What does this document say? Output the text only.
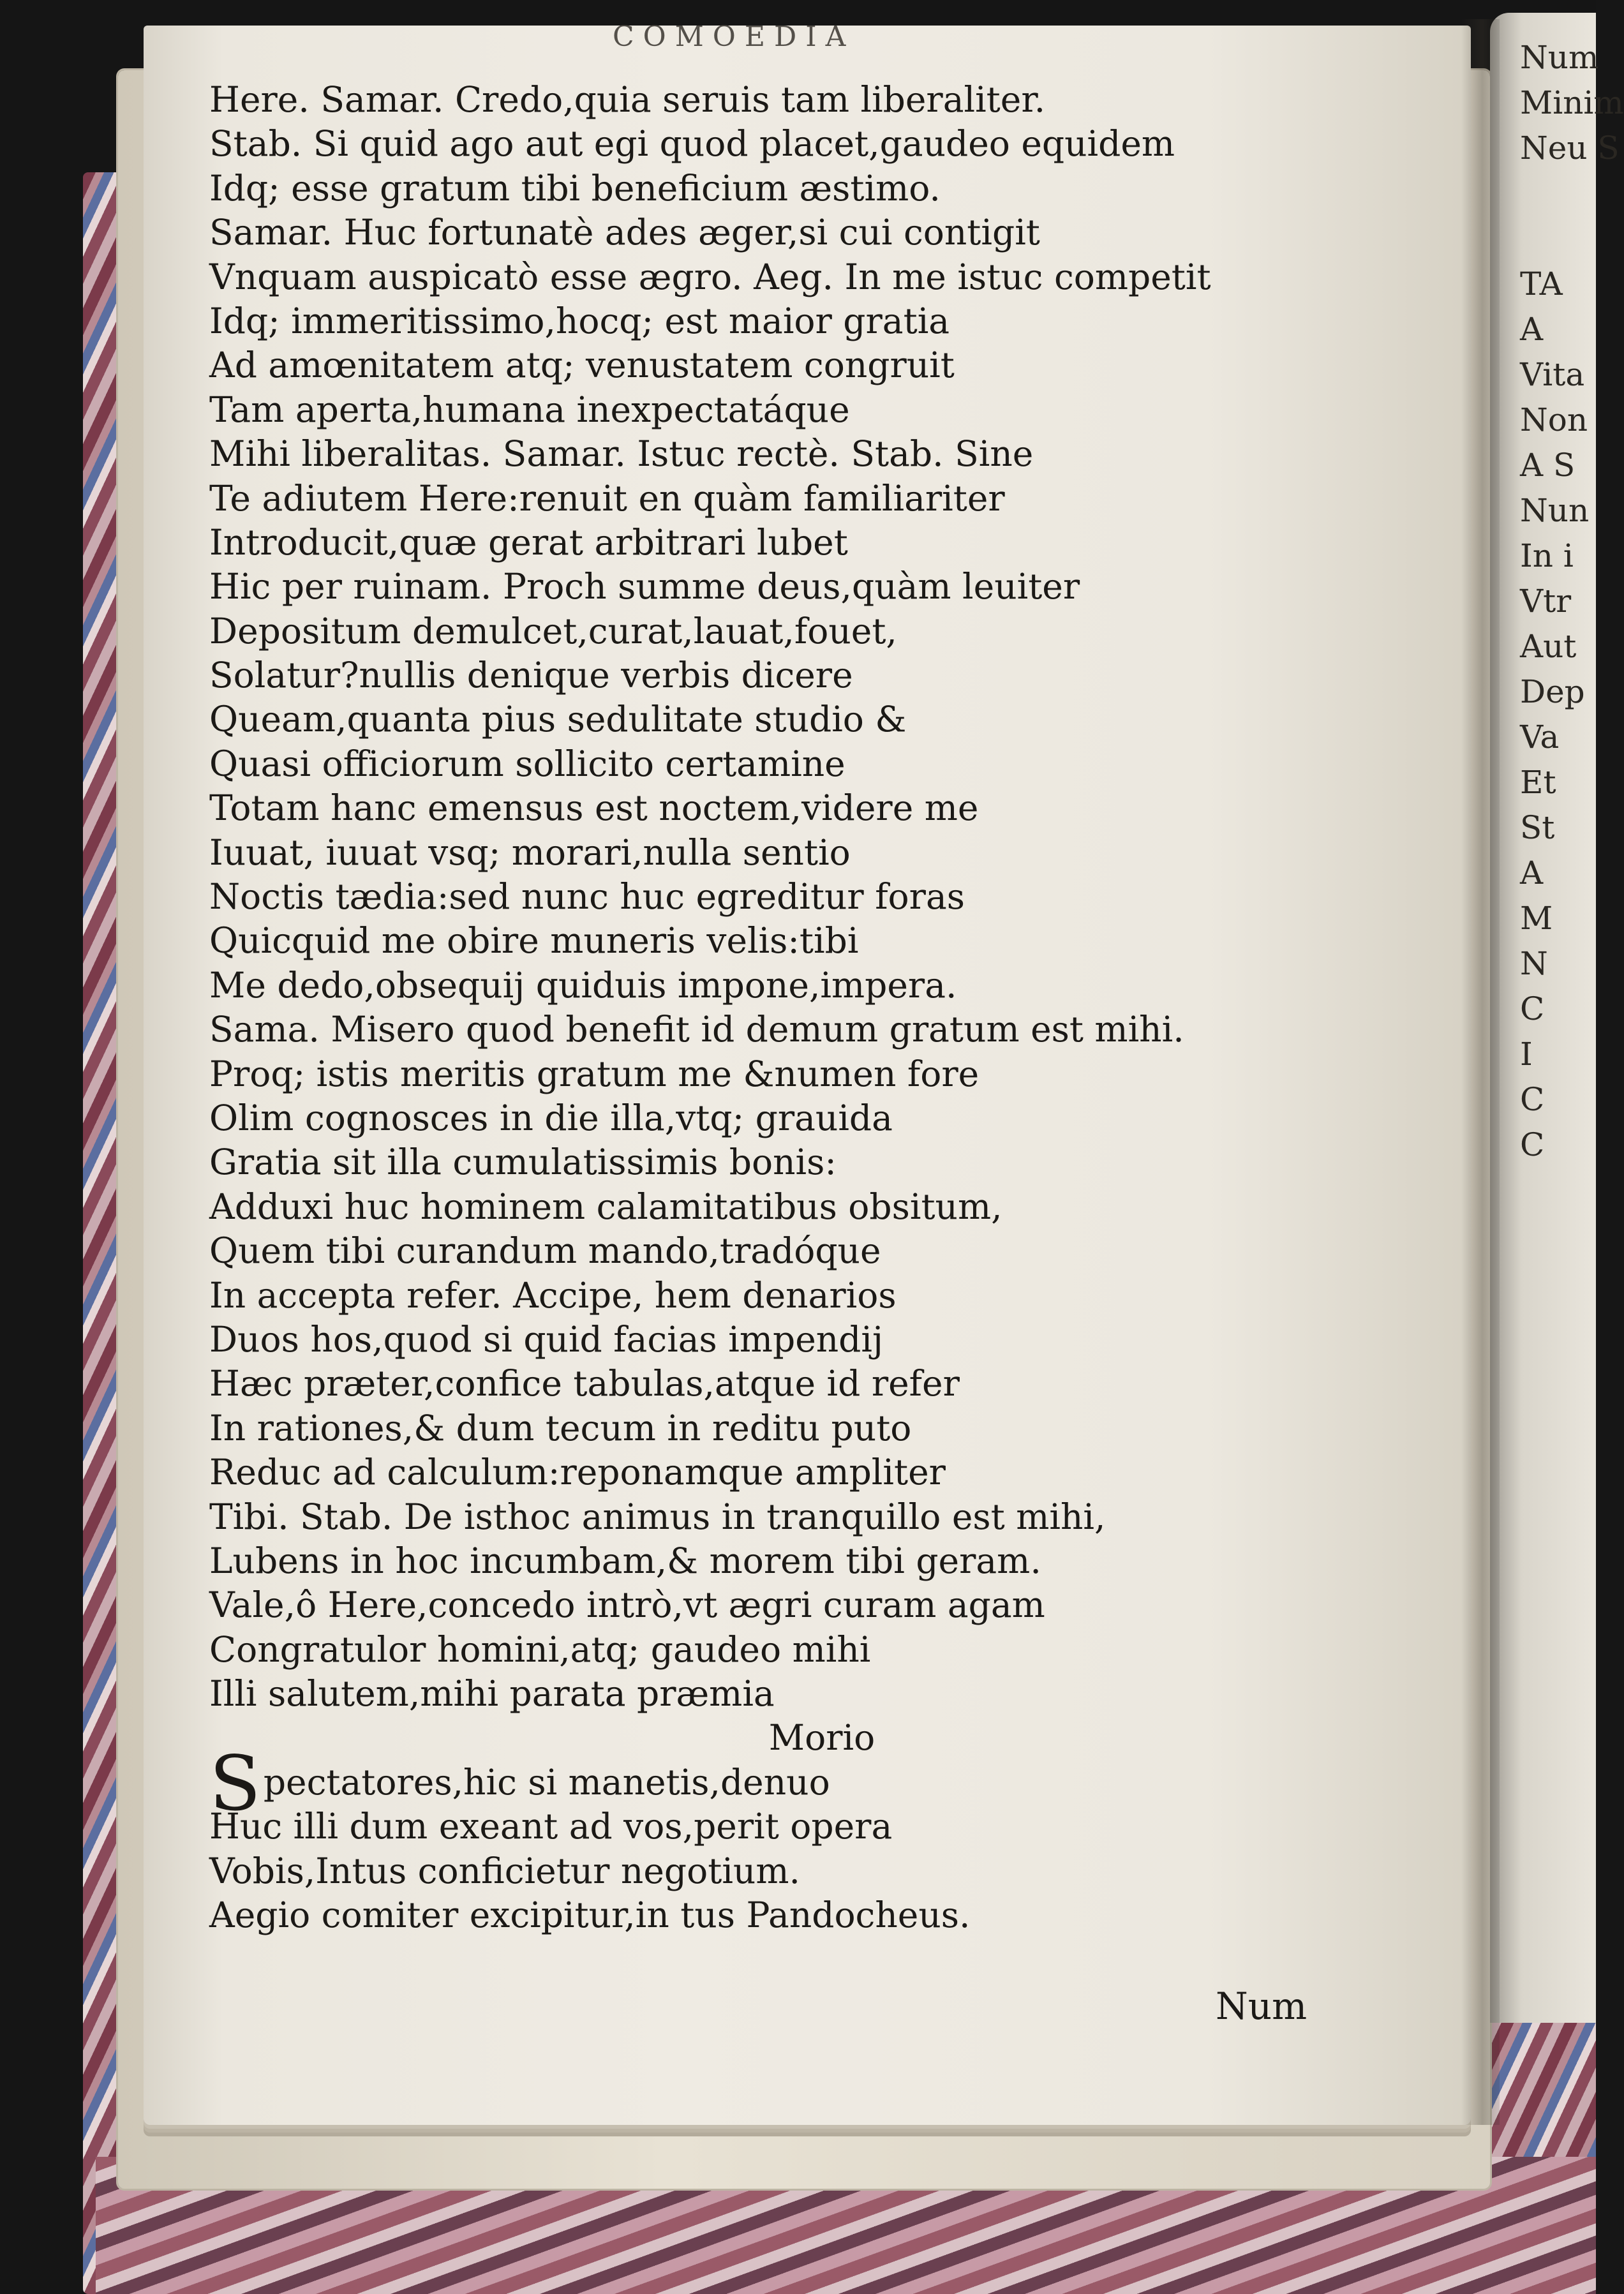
COMOEDIA
Here. Samar. Credo,quia seruis tam liberaliter.
Stab. Si quid ago aut egi quod placet,gaudeo equidem
Idq; esse gratum tibi beneficium æstimo.
Samar. Huc fortunatè ades æger,si cui contigit
Vnquam auspicatò esse ægro. Aeg. In me istuc competit
Idq; immeritissimo,hocq; est maior gratia
Ad amœnitatem atq; venustatem congruit
Tam aperta,humana inexpectatáque
Mihi liberalitas. Samar. Istuc rectè. Stab. Sine
Te adiutem Here:renuit en quàm familiariter
Introducit,quæ gerat arbitrari lubet
Hic per ruinam. Proch summe deus,quàm leuiter
Depositum demulcet,curat,lauat,fouet,
Solatur?nullis denique verbis dicere
Queam,quanta pius sedulitate studio &
Quasi officiorum sollicito certamine
Totam hanc emensus est noctem,videre me
Iuuat, iuuat vsq; morari,nulla sentio
Noctis tædia:sed nunc huc egreditur foras
Quicquid me obire muneris velis:tibi
Me dedo,obsequij quiduis impone,impera.
Sama. Misero quod benefit id demum gratum est mihi.
Proq; istis meritis gratum me &numen fore
Olim cognosces in die illa,vtq; grauida
Gratia sit illa cumulatissimis bonis:
Adduxi huc hominem calamitatibus obsitum,
Quem tibi curandum mando,tradóque
In accepta refer. Accipe, hem denarios
Duos hos,quod si quid facias impendij
Hæc præter,confice tabulas,atque id refer
In rationes,& dum tecum in reditu puto
Reduc ad calculum:reponamque ampliter
Tibi. Stab. De isthoc animus in tranquillo est mihi,
Lubens in hoc incumbam,& morem tibi geram.
Vale,ô Here,concedo intrò,vt ægri curam agam
Congratulor homini,atq; gaudeo mihi
Illi salutem,mihi parata præmia
Morio
Spectatores,hic si manetis,denuo
Huc illi dum exeant ad vos,perit opera
Vobis,Intus conficietur negotium.
Aegio comiter excipitur,in tus Pandocheus.
Num
Num
Minim
Neu S
TA
A
Vita
Non
A S
Nun
In i
Vtr
Aut
Dep
Va
Et
St
A
M
N
C
I
C
C
